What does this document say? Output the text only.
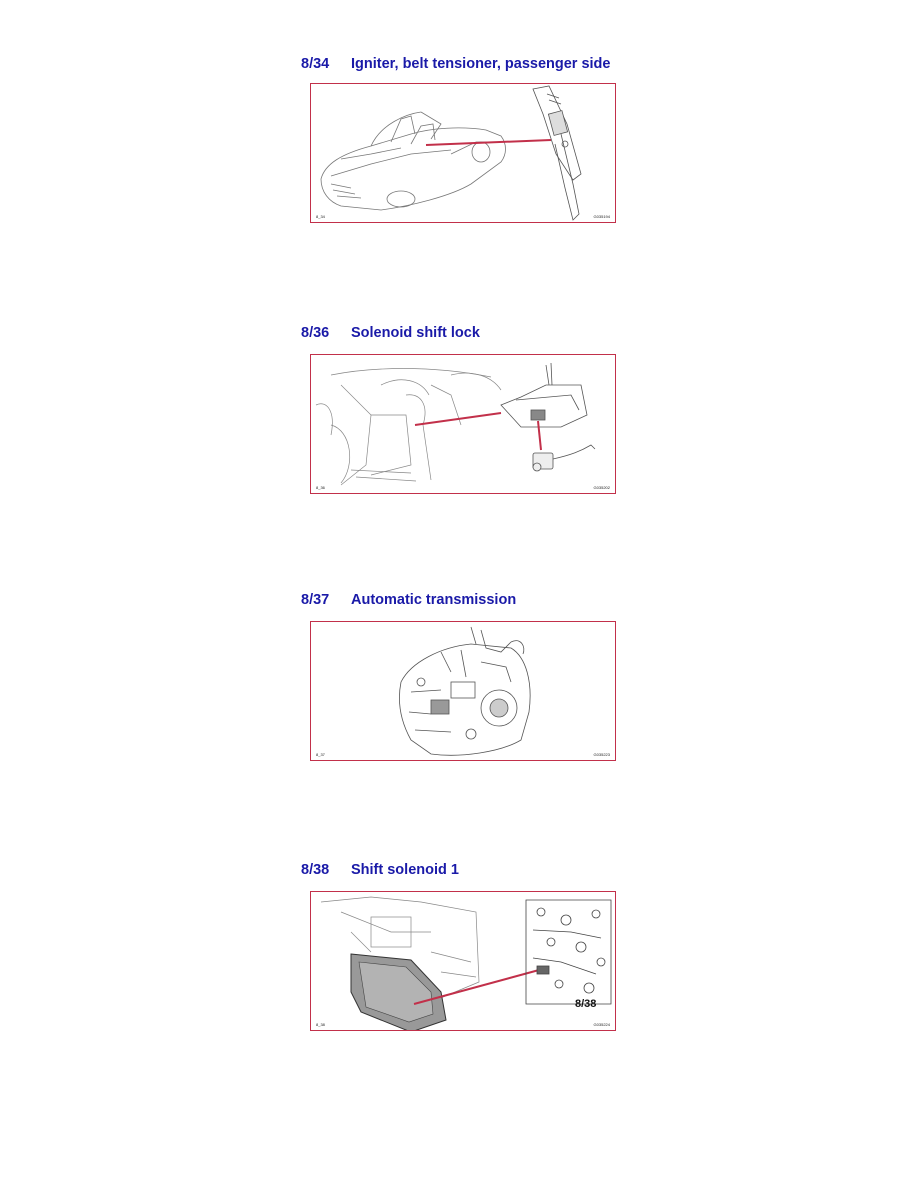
8/34 Igniter, belt tensioner, passenger side
8_34	G035194
8/36 Solenoid shift lock
8_36	G035202
8/37 Automatic transmission
8_37	G035223
8/38 Shift solenoid 1
8/38
8_38	G035224
